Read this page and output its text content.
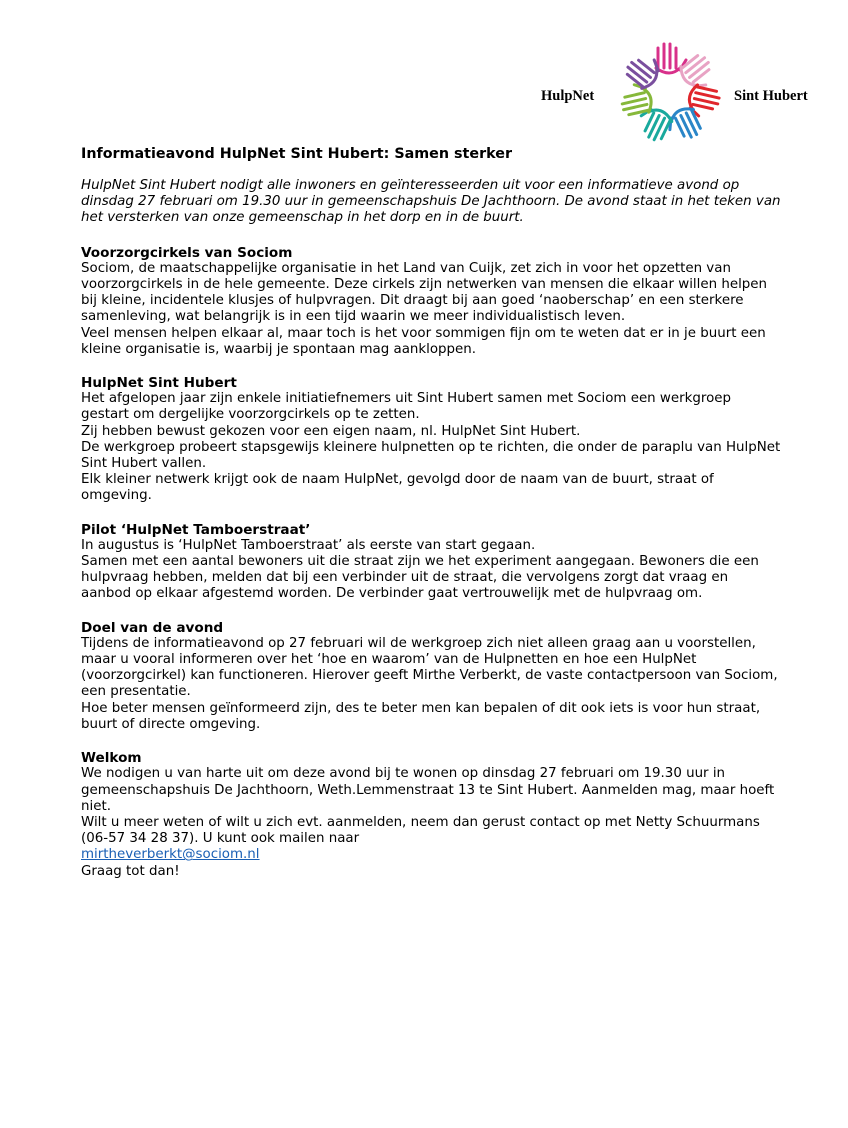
HulpNet	Sint Hubert
Informatieavond HulpNet Sint Hubert: Samen sterker

HulpNet Sint Hubert nodigt alle inwoners en geïnteresseerden uit voor een informatieve avond op dinsdag 27 februari om 19.30 uur in gemeenschapshuis De Jachthoorn. De avond staat in het teken van het versterken van onze gemeenschap in het dorp en in de buurt.

Voorzorgcirkels van Sociom

Sociom, de maatschappelijke organisatie in het Land van Cuijk, zet zich in voor het opzetten van voorzorgcirkels in de hele gemeente. Deze cirkels zijn netwerken van mensen die elkaar willen helpen bij kleine, incidentele klusjes of hulpvragen. Dit draagt bij aan goed ‘naoberschap’ en een sterkere samenleving, wat belangrijk is in een tijd waarin we meer individualistisch leven.

Veel mensen helpen elkaar al, maar toch is het voor sommigen fijn om te weten dat er in je buurt een kleine organisatie is, waarbij je spontaan mag aankloppen.

HulpNet Sint Hubert

Het afgelopen jaar zijn enkele initiatiefnemers uit Sint Hubert samen met Sociom een werkgroep gestart om dergelijke voorzorgcirkels op te zetten.

Zij hebben bewust gekozen voor een eigen naam, nl. HulpNet Sint Hubert.

De werkgroep probeert stapsgewijs kleinere hulpnetten op te richten, die onder de paraplu van HulpNet Sint Hubert vallen.

Elk kleiner netwerk krijgt ook de naam HulpNet, gevolgd door de naam van de buurt, straat of omgeving.

Pilot ‘HulpNet Tamboerstraat’

In augustus is ‘HulpNet Tamboerstraat’ als eerste van start gegaan.

Samen met een aantal bewoners uit die straat zijn we het experiment aangegaan. Bewoners die een hulpvraag hebben, melden dat bij een verbinder uit de straat, die vervolgens zorgt dat vraag en aanbod op elkaar afgestemd worden. De verbinder gaat vertrouwelijk met de hulpvraag om.

Doel van de avond

Tijdens de informatieavond op 27 februari wil de werkgroep zich niet alleen graag aan u voorstellen, maar u vooral informeren over het ‘hoe en waarom’ van de Hulpnetten en hoe een HulpNet (voorzorgcirkel) kan functioneren. Hierover geeft Mirthe Verberkt, de vaste contactpersoon van Sociom, een presentatie.

Hoe beter mensen geïnformeerd zijn, des te beter men kan bepalen of dit ook iets is voor hun straat, buurt of directe omgeving.

Welkom

We nodigen u van harte uit om deze avond bij te wonen op dinsdag 27 februari om 19.30 uur in gemeenschapshuis De Jachthoorn, Weth.Lemmenstraat 13 te Sint Hubert. Aanmelden mag, maar hoeft niet.

Wilt u meer weten of wilt u zich evt. aanmelden, neem dan gerust contact op met Netty Schuurmans (06-57 34 28 37). U kunt ook mailen naar

mirtheverberkt@sociom.nl

Graag tot dan!
